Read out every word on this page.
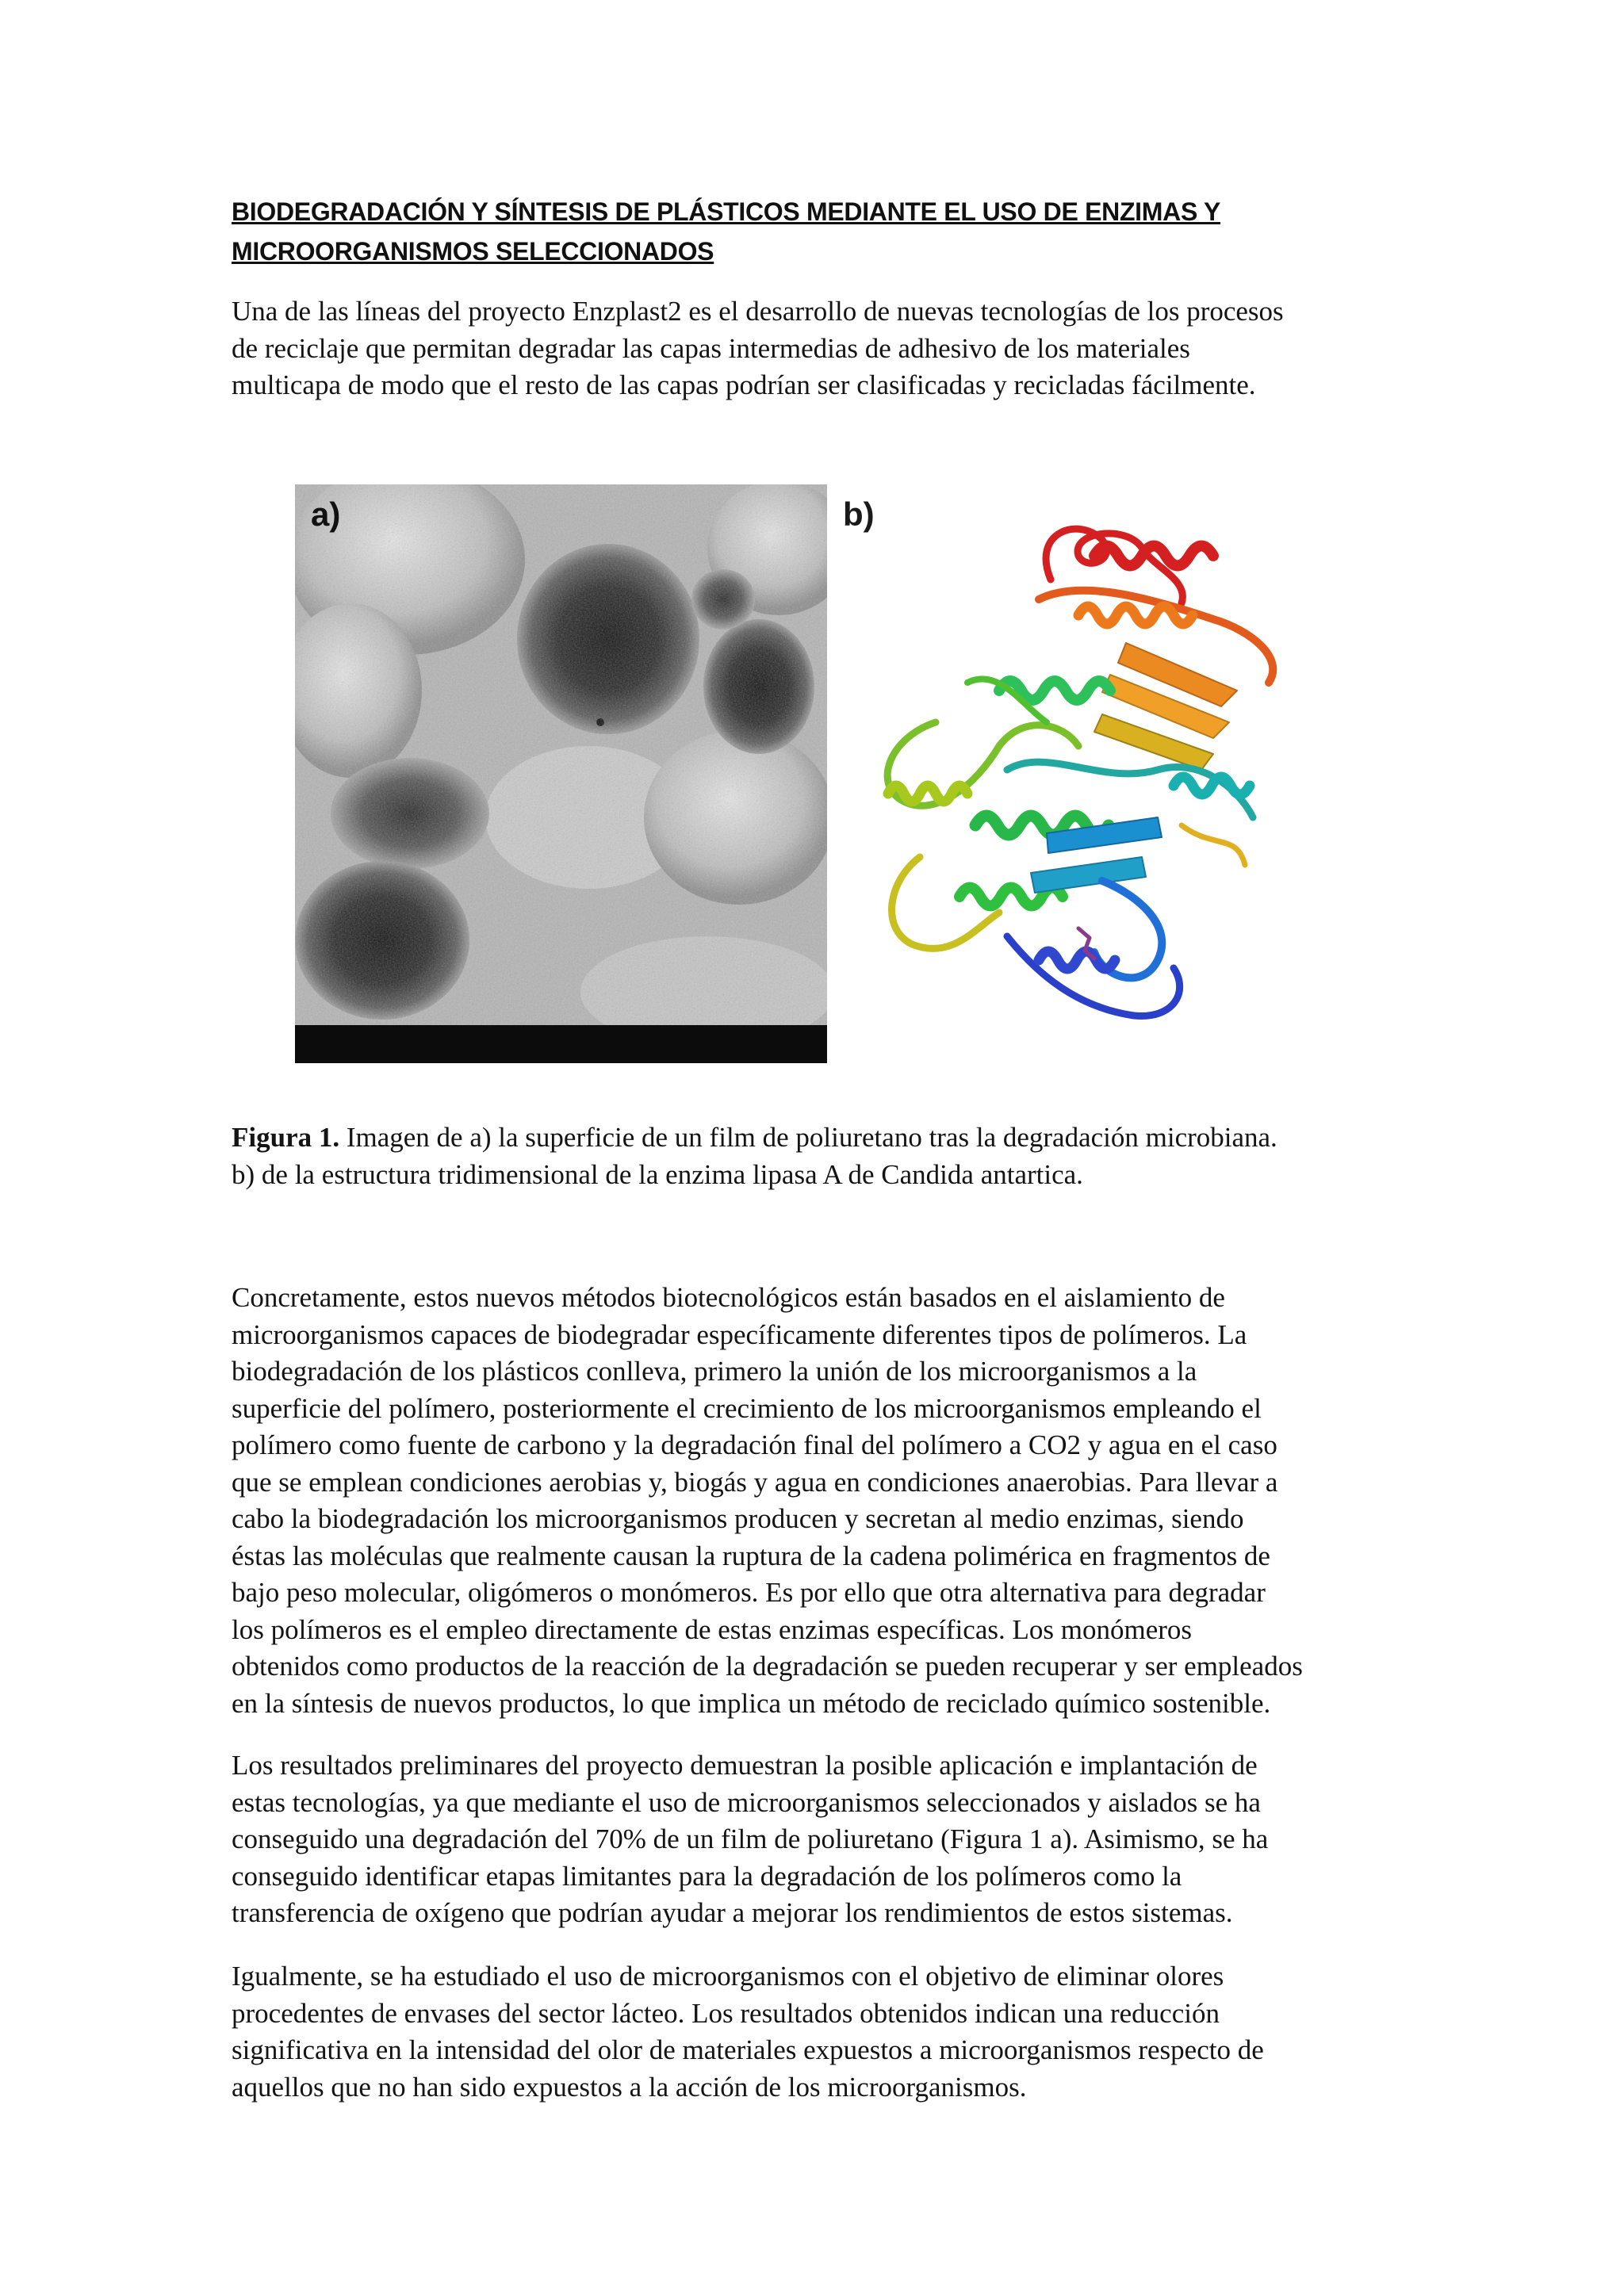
BIODEGRADACIÓN Y SÍNTESIS DE PLÁSTICOS MEDIANTE EL USO DE ENZIMAS Y
MICROORGANISMOS SELECCIONADOS

Una de las líneas del proyecto Enzplast2 es el desarrollo de nuevas tecnologías de los procesos
de reciclaje que permitan degradar las capas intermedias de adhesivo de los materiales
multicapa de modo que el resto de las capas podrían ser clasificadas y recicladas fácilmente.

a)	b)

Figura 1. Imagen de a) la superficie de un film de poliuretano tras la degradación microbiana.
b) de la estructura tridimensional de la enzima lipasa A de Candida antartica.

Concretamente, estos nuevos métodos biotecnológicos están basados en el aislamiento de
microorganismos capaces de biodegradar específicamente diferentes tipos de polímeros. La
biodegradación de los plásticos conlleva, primero la unión de los microorganismos a la
superficie del polímero, posteriormente el crecimiento de los microorganismos empleando el
polímero como fuente de carbono y la degradación final del polímero a CO2 y agua en el caso
que se emplean condiciones aerobias y, biogás y agua en condiciones anaerobias. Para llevar a
cabo la biodegradación los microorganismos producen y secretan al medio enzimas, siendo
éstas las moléculas que realmente causan la ruptura de la cadena polimérica en fragmentos de
bajo peso molecular, oligómeros o monómeros. Es por ello que otra alternativa para degradar
los polímeros es el empleo directamente de estas enzimas específicas. Los monómeros
obtenidos como productos de la reacción de la degradación se pueden recuperar y ser empleados
en la síntesis de nuevos productos, lo que implica un método de reciclado químico sostenible.

Los resultados preliminares del proyecto demuestran la posible aplicación e implantación de
estas tecnologías, ya que mediante el uso de microorganismos seleccionados y aislados se ha
conseguido una degradación del 70% de un film de poliuretano (Figura 1 a). Asimismo, se ha
conseguido identificar etapas limitantes para la degradación de los polímeros como la
transferencia de oxígeno que podrían ayudar a mejorar los rendimientos de estos sistemas.

Igualmente, se ha estudiado el uso de microorganismos con el objetivo de eliminar olores
procedentes de envases del sector lácteo. Los resultados obtenidos indican una reducción
significativa en la intensidad del olor de materiales expuestos a microorganismos respecto de
aquellos que no han sido expuestos a la acción de los microorganismos.
